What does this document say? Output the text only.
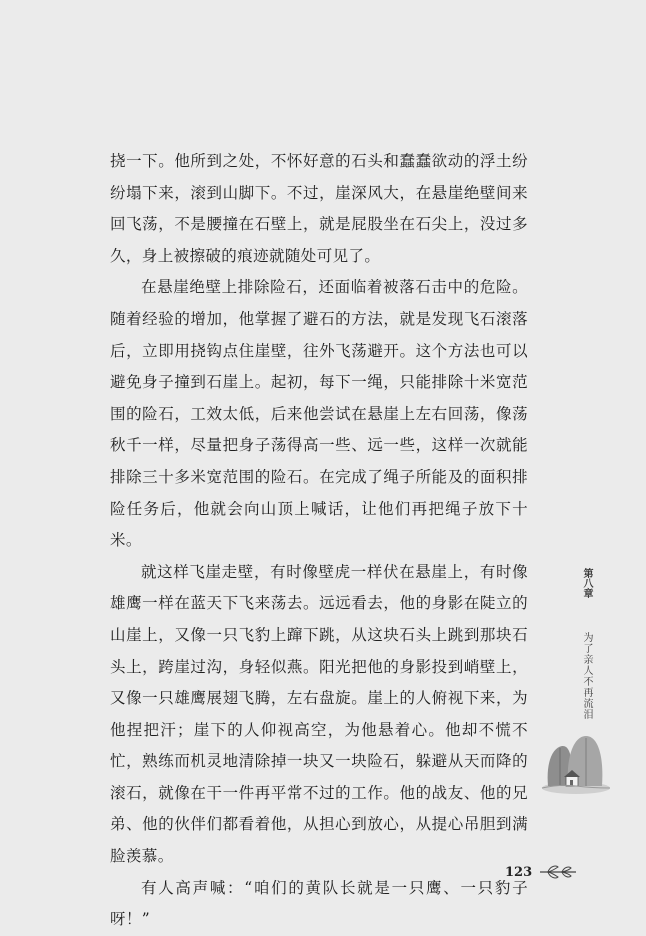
挠一下。他所到之处，不怀好意的石头和蠢蠢欲动的浮土纷纷塌下来，滚到山脚下。不过，崖深风大，在悬崖绝壁间来回飞荡，不是腰撞在石壁上，就是屁股坐在石尖上，没过多久，身上被擦破的痕迹就随处可见了。

在悬崖绝壁上排除险石，还面临着被落石击中的危险。随着经验的增加，他掌握了避石的方法，就是发现飞石滚落后，立即用挠钩点住崖壁，往外飞荡避开。这个方法也可以避免身子撞到石崖上。起初，每下一绳，只能排除十米宽范围的险石，工效太低，后来他尝试在悬崖上左右回荡，像荡秋千一样，尽量把身子荡得高一些、远一些，这样一次就能排除三十多米宽范围的险石。在完成了绳子所能及的面积排险任务后，他就会向山顶上喊话，让他们再把绳子放下十米。

就这样飞崖走壁，有时像壁虎一样伏在悬崖上，有时像雄鹰一样在蓝天下飞来荡去。远远看去，他的身影在陡立的山崖上，又像一只飞豹上蹿下跳，从这块石头上跳到那块石头上，跨崖过沟，身轻似燕。阳光把他的身影投到峭壁上，又像一只雄鹰展翅飞腾，左右盘旋。崖上的人俯视下来，为他捏把汗；崖下的人仰视高空，为他悬着心。他却不慌不忙，熟练而机灵地清除掉一块又一块险石，躲避从天而降的滚石，就像在干一件再平常不过的工作。他的战友、他的兄弟、他的伙伴们都看着他，从担心到放心，从提心吊胆到满脸羡慕。

有人高声喊：“咱们的黄队长就是一只鹰、一只豹子呀！”

第八章  为了亲人不再流泪
123
